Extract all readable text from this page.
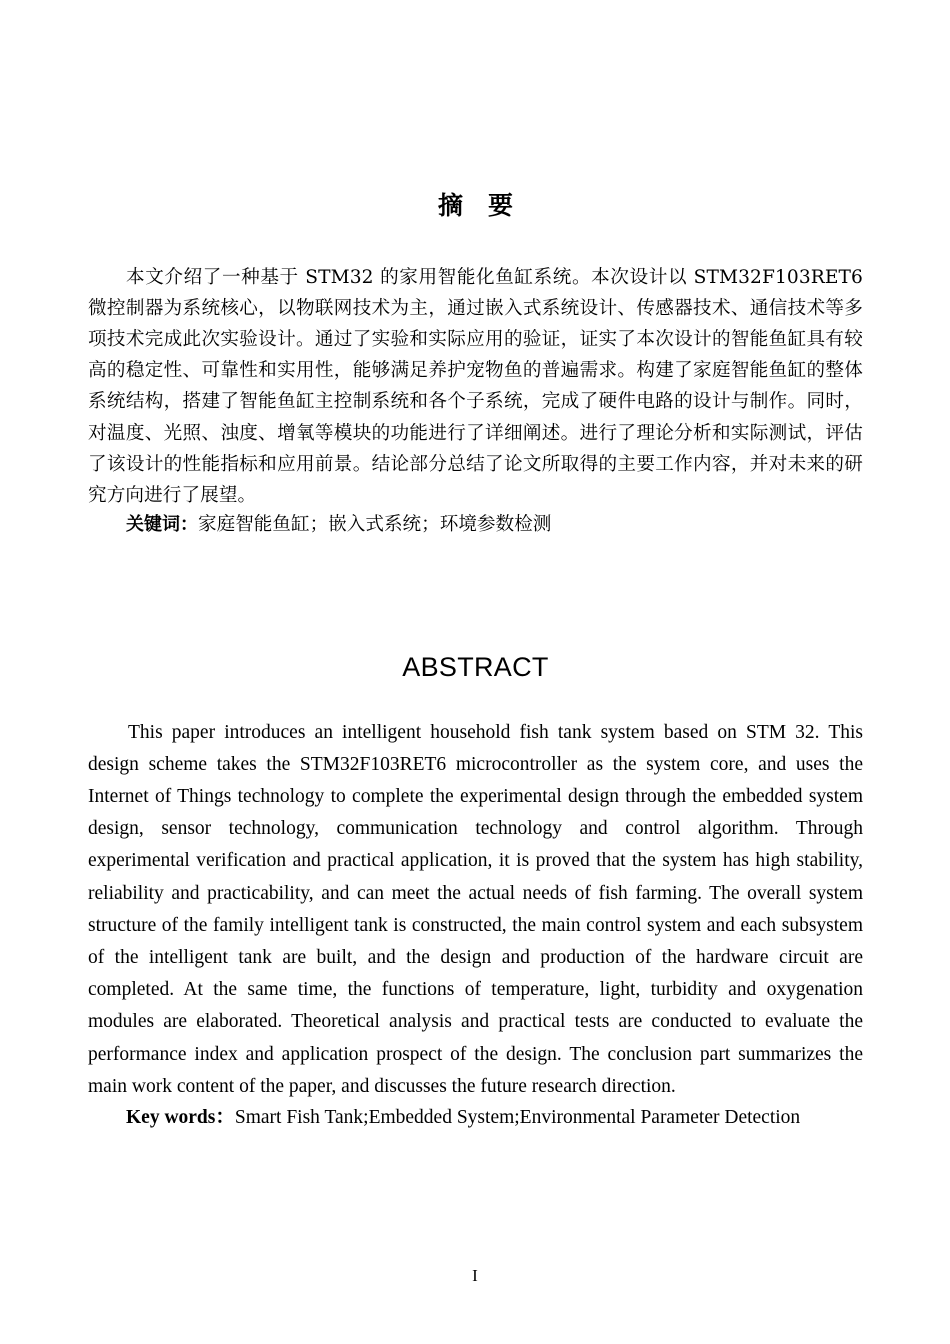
摘　要

本文介绍了一种基于 STM32 的家用智能化鱼缸系统。本次设计以 STM32F103RET6 微控制器为系统核心，以物联网技术为主，通过嵌入式系统设计、传感器技术、通信技术等多项技术完成此次实验设计。通过了实验和实际应用的验证，证实了本次设计的智能鱼缸具有较高的稳定性、可靠性和实用性，能够满足养护宠物鱼的普遍需求。构建了家庭智能鱼缸的整体系统结构，搭建了智能鱼缸主控制系统和各个子系统，完成了硬件电路的设计与制作。同时，对温度、光照、浊度、增氧等模块的功能进行了详细阐述。进行了理论分析和实际测试，评估了该设计的性能指标和应用前景。结论部分总结了论文所取得的主要工作内容，并对未来的研究方向进行了展望。

关键词：家庭智能鱼缸；嵌入式系统；环境参数检测

ABSTRACT

This paper introduces an intelligent household fish tank system based on STM 32. This design scheme takes the STM32F103RET6 microcontroller as the system core, and uses the Internet of Things technology to complete the experimental design through the embedded system design, sensor technology, communication technology and control algorithm. Through experimental verification and practical application, it is proved that the system has high stability, reliability and practicability, and can meet the actual needs of fish farming. The overall system structure of the family intelligent tank is constructed, the main control system and each subsystem of the intelligent tank are built, and the design and production of the hardware circuit are completed. At the same time, the functions of temperature, light, turbidity and oxygenation modules are elaborated. Theoretical analysis and practical tests are conducted to evaluate the performance index and application prospect of the design. The conclusion part summarizes the main work content of the paper, and discusses the future research direction.

Key words：Smart Fish Tank;Embedded System;Environmental Parameter Detection

I
